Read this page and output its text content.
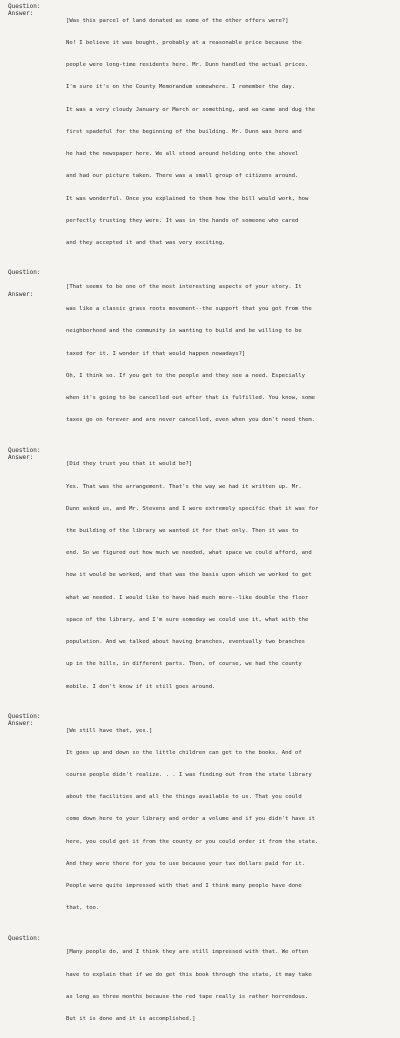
Question:
Answer:

[Was this parcel of land donated as some of the other offers were?]

No! I believe it was bought, probably at a reasonable price because the

people were long-time residents here. Mr. Dunn handled the actual prices.

I'm sure it's on the County Memorandum somewhere. I remember the day.

It was a very cloudy January or March or something, and we came and dug the

first spadeful for the beginning of the building. Mr. Dunn was here and

he had the newspaper here. We all stood around holding onto the shovel

and had our picture taken. There was a small group of citizens around.

It was wonderful. Once you explained to them how the bill would work, how

perfectly trusting they were. It was in the hands of someone who cared

and they accepted it and that was very exciting.

Question:

Answer:

[That seems to be one of the most interesting aspects of your story. It

was like a classic grass roots movement--the support that you got from the

neighborhood and the community in wanting to build and be willing to be

taxed for it. I wonder if that would happen nowadays?]

Oh, I think so. If you get to the people and they see a need. Especially

when it's going to be cancelled out after that is fulfilled. You know, some

taxes go on forever and are never cancelled, even when you don't need them.

Question:
Answer:

[Did they trust you that it would be?]

Yes. That was the arrangement. That's the way we had it written up. Mr.

Dunn asked us, and Mr. Stevens and I were extremely specific that it was for

the building of the library we wanted it for that only. Then it was to

end. So we figured out how much we needed, what space we could afford, and

how it would be worked, and that was the basis upon which we worked to get

what we needed. I would like to have had much more--like double the floor

space of the library, and I'm sure someday we could use it, what with the

population. And we talked about having branches, eventually two branches

up in the hills, in different parts. Then, of course, we had the county

mobile. I don't know if it still goes around.

Question:
Answer:

[We still have that, yes.]

It goes up and down so the little children can get to the books. And of

course people didn't realize. . . I was finding out from the state library

about the facilities and all the things available to us. That you could

come down here to your library and order a volume and if you didn't have it

here, you could get it from the county or you could order it from the state.

And they were there for you to use because your tax dollars paid for it.

People were quite impressed with that and I think many people have done

that, too.

Question:

[Many people do, and I think they are still impressed with that. We often

have to explain that if we do get this book through the state, it may take

as long as three months because the red tape really is rather horrendous.

But it is done and it is accomplished.]
